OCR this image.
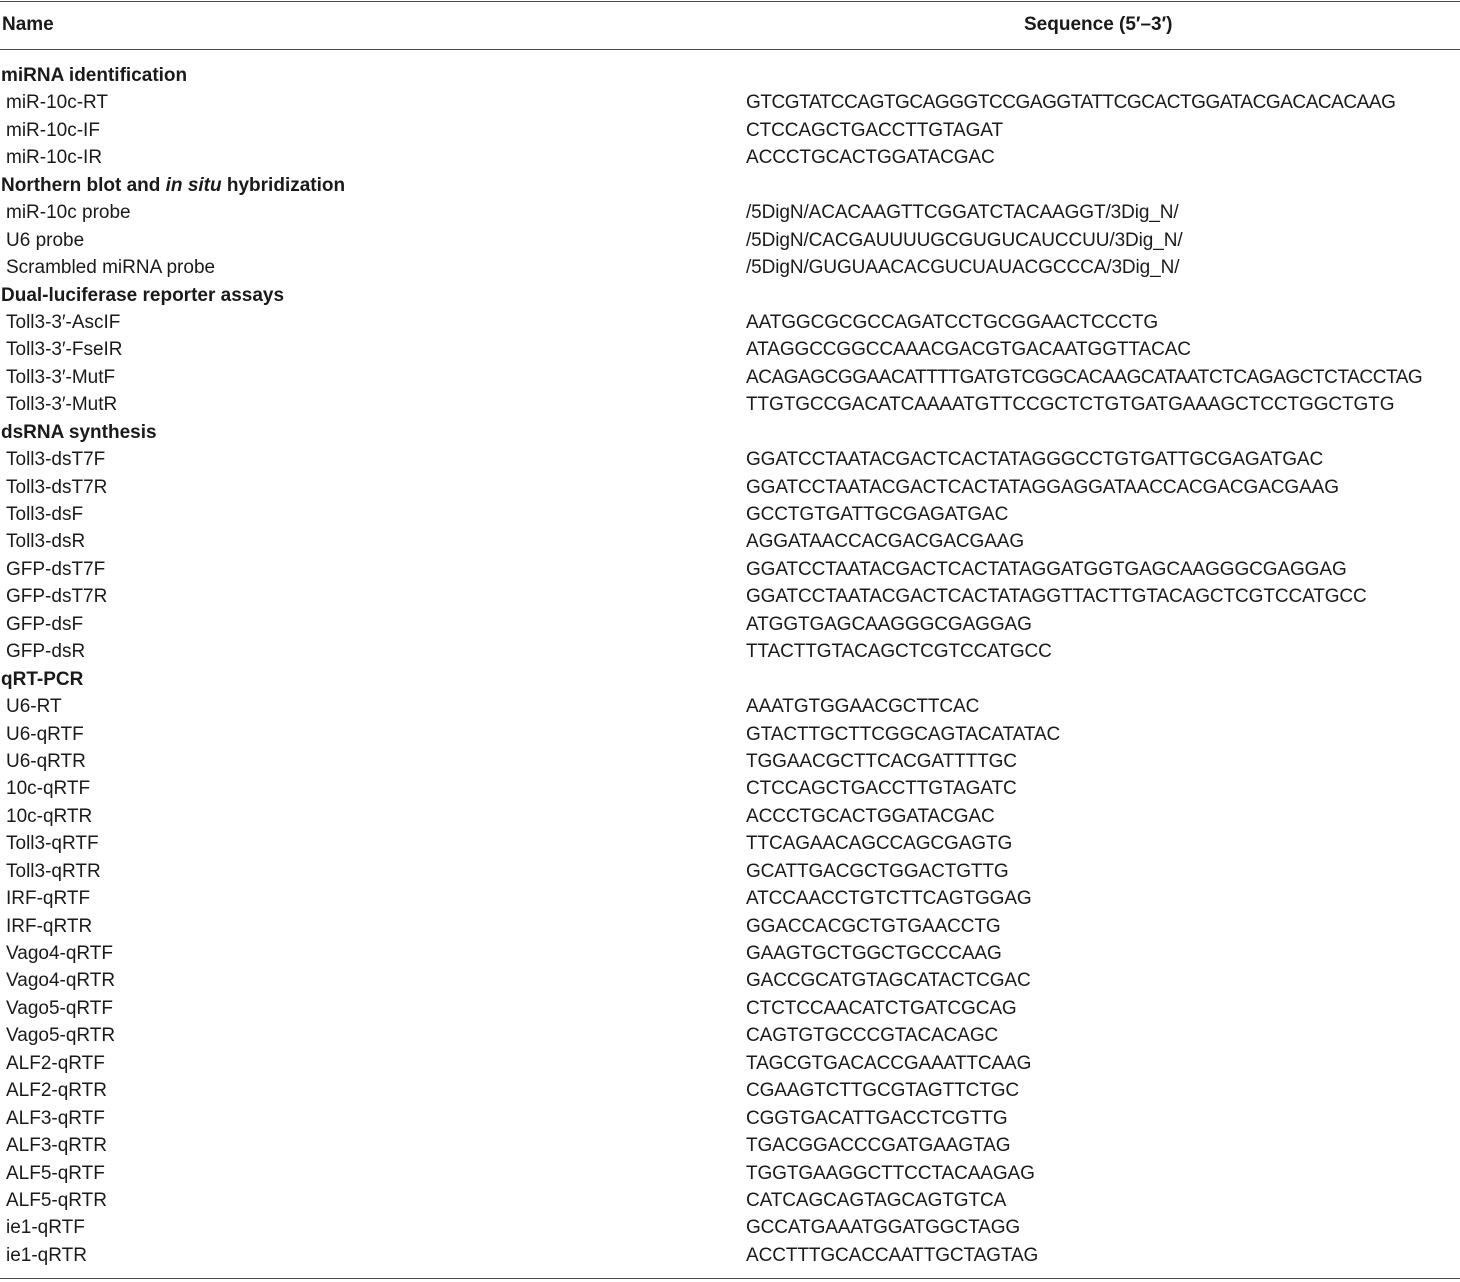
Name	Sequence (5′–3′)
miRNA identification
miR-10c-RT	GTCGTATCCAGTGCAGGGTCCGAGGTATTCGCACTGGATACGACACACAAG
miR-10c-IF	CTCCAGCTGACCTTGTAGAT
miR-10c-IR	ACCCTGCACTGGATACGAC
Northern blot and in situ hybridization
miR-10c probe	/5DigN/ACACAAGTTCGGATCTACAAGGT/3Dig_N/
U6 probe	/5DigN/CACGAUUUUGCGUGUCAUCCUU/3Dig_N/
Scrambled miRNA probe	/5DigN/GUGUAACACGUCUAUACGCCCA/3Dig_N/
Dual-luciferase reporter assays
Toll3-3′-AscIF	AATGGCGCGCCAGATCCTGCGGAACTCCCTG
Toll3-3′-FseIR	ATAGGCCGGCCAAACGACGTGACAATGGTTACAC
Toll3-3′-MutF	ACAGAGCGGAACATTTTGATGTCGGCACAAGCATAATCTCAGAGCTCTACCTAG
Toll3-3′-MutR	TTGTGCCGACATCAAAATGTTCCGCTCTGTGATGAAAGCTCCTGGCTGTG
dsRNA synthesis
Toll3-dsT7F	GGATCCTAATACGACTCACTATAGGGCCTGTGATTGCGAGATGAC
Toll3-dsT7R	GGATCCTAATACGACTCACTATAGGAGGATAACCACGACGACGAAG
Toll3-dsF	GCCTGTGATTGCGAGATGAC
Toll3-dsR	AGGATAACCACGACGACGAAG
GFP-dsT7F	GGATCCTAATACGACTCACTATAGGATGGTGAGCAAGGGCGAGGAG
GFP-dsT7R	GGATCCTAATACGACTCACTATAGGTTACTTGTACAGCTCGTCCATGCC
GFP-dsF	ATGGTGAGCAAGGGCGAGGAG
GFP-dsR	TTACTTGTACAGCTCGTCCATGCC
qRT-PCR
U6-RT	AAATGTGGAACGCTTCAC
U6-qRTF	GTACTTGCTTCGGCAGTACATATAC
U6-qRTR	TGGAACGCTTCACGATTTTGC
10c-qRTF	CTCCAGCTGACCTTGTAGATC
10c-qRTR	ACCCTGCACTGGATACGAC
Toll3-qRTF	TTCAGAACAGCCAGCGAGTG
Toll3-qRTR	GCATTGACGCTGGACTGTTG
IRF-qRTF	ATCCAACCTGTCTTCAGTGGAG
IRF-qRTR	GGACCACGCTGTGAACCTG
Vago4-qRTF	GAAGTGCTGGCTGCCCAAG
Vago4-qRTR	GACCGCATGTAGCATACTCGAC
Vago5-qRTF	CTCTCCAACATCTGATCGCAG
Vago5-qRTR	CAGTGTGCCCGTACACAGC
ALF2-qRTF	TAGCGTGACACCGAAATTCAAG
ALF2-qRTR	CGAAGTCTTGCGTAGTTCTGC
ALF3-qRTF	CGGTGACATTGACCTCGTTG
ALF3-qRTR	TGACGGACCCGATGAAGTAG
ALF5-qRTF	TGGTGAAGGCTTCCTACAAGAG
ALF5-qRTR	CATCAGCAGTAGCAGTGTCA
ie1-qRTF	GCCATGAAATGGATGGCTAGG
ie1-qRTR	ACCTTTGCACCAATTGCTAGTAG
